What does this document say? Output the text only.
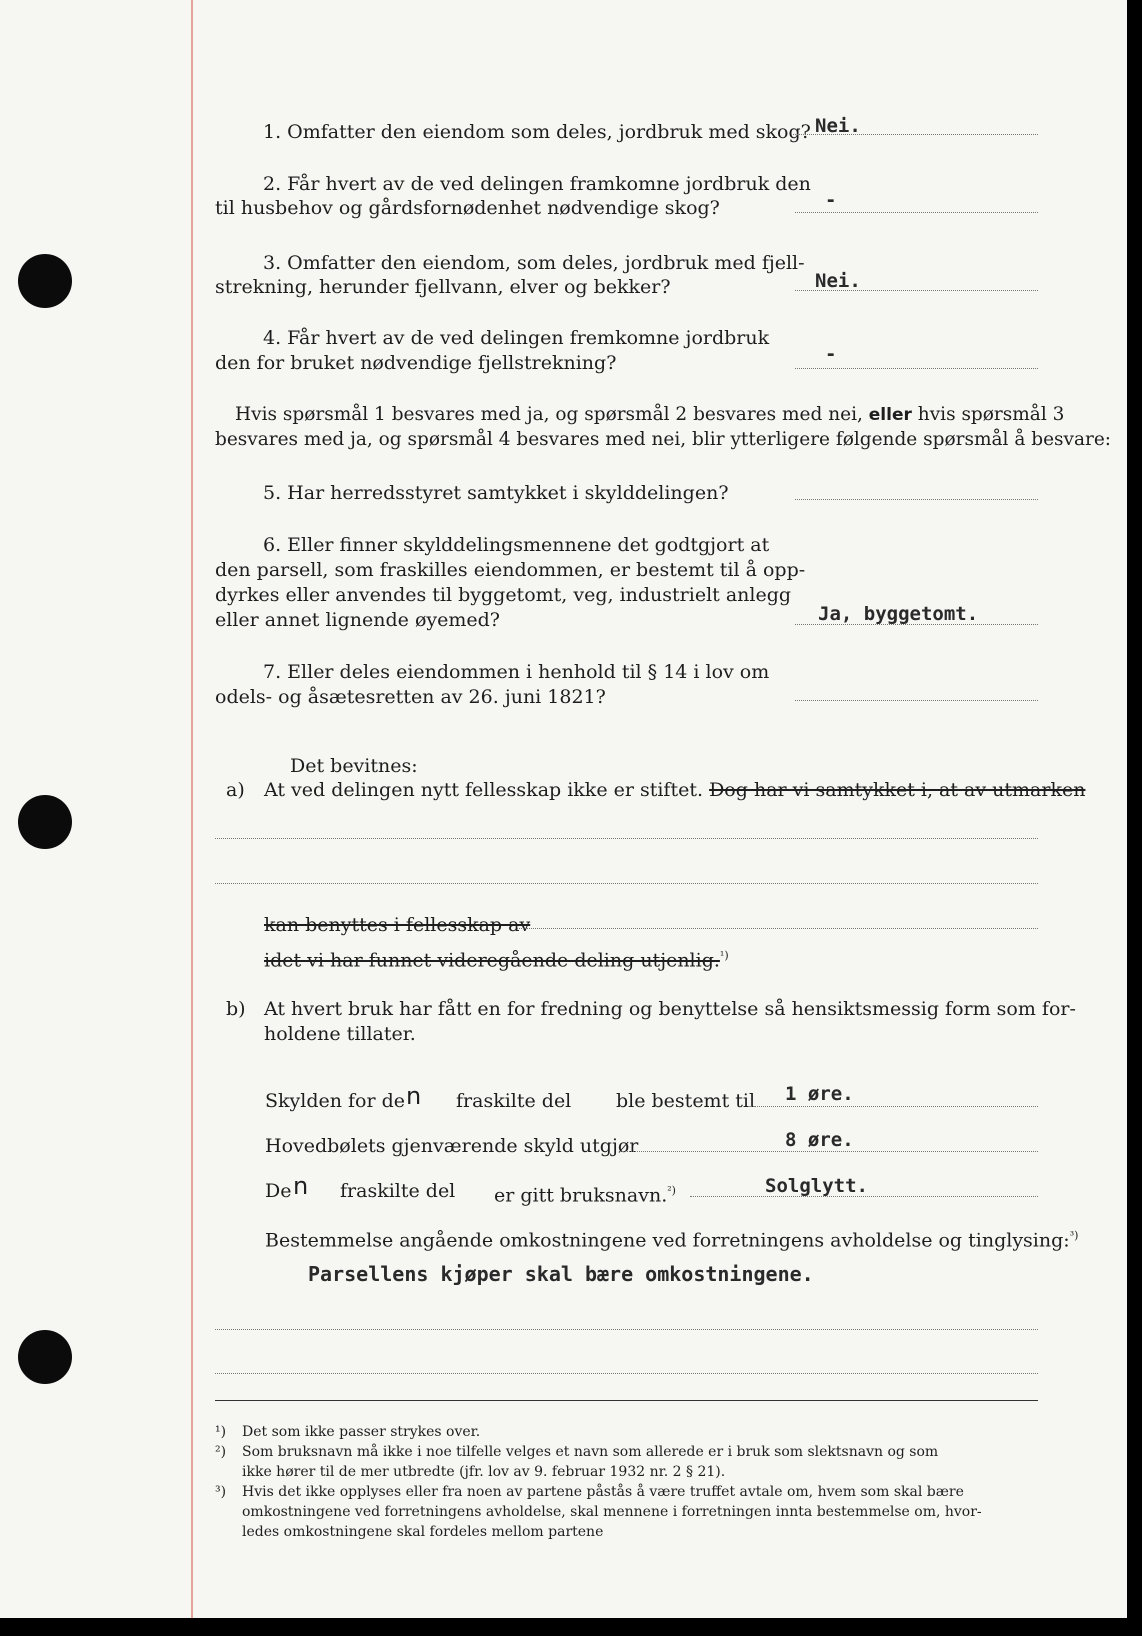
1. Omfatter den eiendom som deles, jordbruk med skog? Nei.
2. Får hvert av de ved delingen framkomne jordbruk den
til husbehov og gårdsfornødenhet nødvendige skog?	-
3. Omfatter den eiendom, som deles, jordbruk med fjell-
strekning, herunder fjellvann, elver og bekker?	Nei.
4. Får hvert av de ved delingen fremkomne jordbruk
den for bruket nødvendige fjellstrekning?	-
Hvis spørsmål 1 besvares med ja, og spørsmål 2 besvares med nei, eller hvis spørsmål 3
besvares med ja, og spørsmål 4 besvares med nei, blir ytterligere følgende spørsmål å besvare:
5. Har herredsstyret samtykket i skylddelingen?
6. Eller finner skylddelingsmennene det godtgjort at
den parsell, som fraskilles eiendommen, er bestemt til å opp-
dyrkes eller anvendes til byggetomt, veg, industrielt anlegg
eller annet lignende øyemed?	Ja, byggetomt.
7. Eller deles eiendommen i henhold til § 14 i lov om
odels- og åsætesretten av 26. juni 1821?
Det bevitnes:
a) At ved delingen nytt fellesskap ikke er stiftet. Dog har vi samtykket i, at av utmarken
kan benyttes i fellesskap av
idet vi har funnet videregående deling utjenlig.$^{^1)}$
b) At hvert bruk har fått en for fredning og benyttelse så hensiktsmessig form som for-
holdene tillater.
Skylden for de n fraskilte del ble bestemt til 1 øre.
Hovedbølets gjenværende skyld utgjør	8 øre.
De n fraskilte del er gitt bruksnavn.$^{^2)}$	Solglytt.
Bestemmelse angående omkostningene ved forretningens avholdelse og tinglysing:$^{^3)}$
Parsellens kjøper skal bære omkostningene.
¹) Det som ikke passer strykes over.
²) Som bruksnavn må ikke i noe tilfelle velges et navn som allerede er i bruk som slektsnavn og som
ikke hører til de mer utbredte (jfr. lov av 9. februar 1932 nr. 2 § 21).
³) Hvis det ikke opplyses eller fra noen av partene påstås å være truffet avtale om, hvem som skal bære
omkostningene ved forretningens avholdelse, skal mennene i forretningen innta bestemmelse om, hvor-
ledes omkostningene skal fordeles mellom partene
